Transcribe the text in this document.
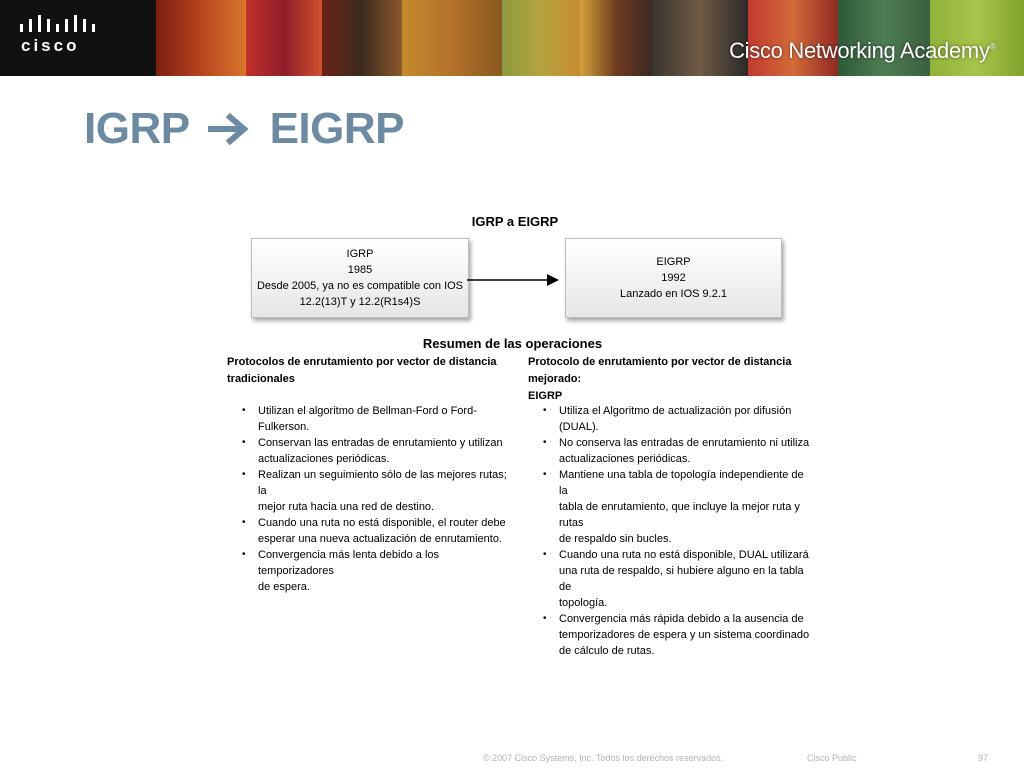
cisco	Cisco Networking Academy®
IGRP EIGRP
IGRP a EIGRP
IGRP
1985
Desde 2005, ya no es compatible con IOS
12.2(13)T y 12.2(R1s4)S
EIGRP
1992
Lanzado en IOS 9.2.1
Resumen de las operaciones
Protocolos de enrutamiento por vector de distancia
tradicionales
Protocolo de enrutamiento por vector de distancia mejorado:
EIGRP
• Utilizan el algoritmo de Bellman-Ford o Ford-
Fulkerson.
• Conservan las entradas de enrutamiento y utilizan
actualizaciones periódicas.
• Realizan un seguimiento sólo de las mejores rutas; la
mejor ruta hacia una red de destino.
• Cuando una ruta no está disponible, el router debe
esperar una nueva actualización de enrutamiento.
• Convergencia más lenta debido a los temporizadores
de espera.
• Utiliza el Algoritmo de actualización por difusión
(DUAL).
• No conserva las entradas de enrutamiento ni utiliza
actualizaciones periódicas.
• Mantiene una tabla de topología independiente de la
tabla de enrutamiento, que incluye la mejor ruta y rutas
de respaldo sin bucles.
• Cuando una ruta no está disponible, DUAL utilizará
una ruta de respaldo, si hubiere alguno en la tabla de
topología.
• Convergencia más rápida debido a la ausencia de
temporizadores de espera y un sistema coordinado
de cálculo de rutas.
© 2007 Cisco Systems, Inc. Todos los derechos reservados.	Cisco Public	97
